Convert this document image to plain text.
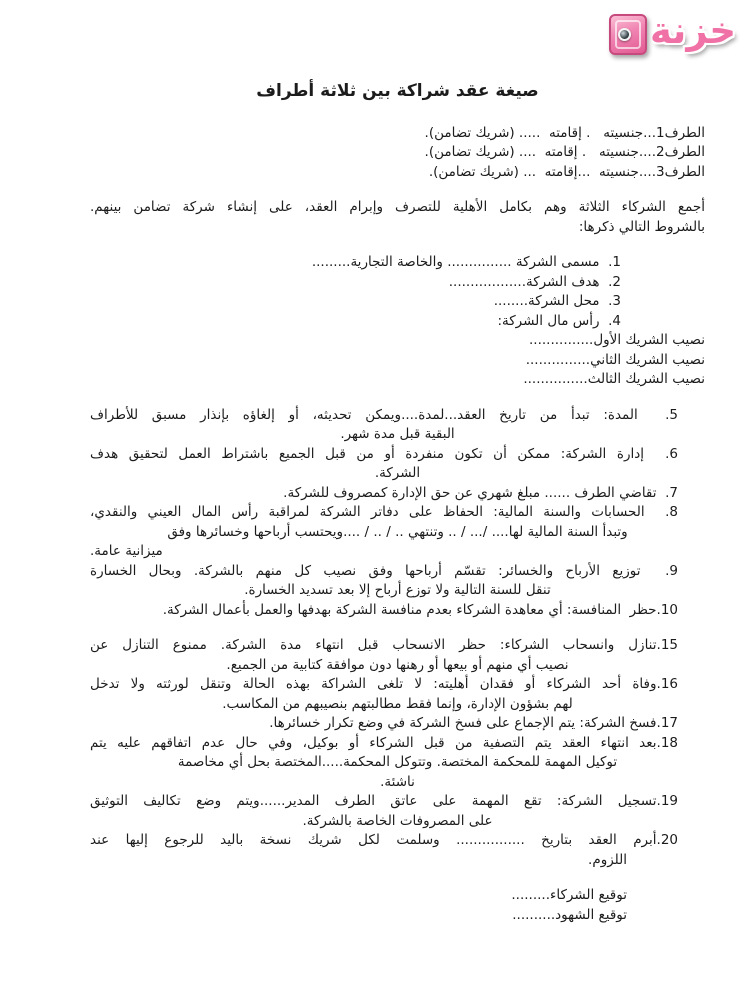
خزنة
صيغة عقد شراكة بين ثلاثة أطراف
الطرف1...جنسيته   . إقامته  ..... (شريك تضامن).
الطرف2....جنسيته   . إقامته  .... (شريك تضامن).
الطرف3....جنسيته  ...إقامته  ... (شريك تضامن).
أجمع الشركاء الثلاثة وهم بكامل الأهلية للتصرف وإبرام العقد، على إنشاء شركة تضامن بينهم.
بالشروط التالي ذكرها:
1.  مسمى الشركة ............... والخاصة التجارية.........
2.  هدف الشركة..................
3.  محل الشركة........
4.  رأس مال الشركة:
نصيب الشريك الأول...............
نصيب الشريك الثاني...............
نصيب الشريك الثالث...............
5.  المدة: تبدأ من تاريخ العقد...لمدة....ويمكن تحديثه، أو إلغاؤه بإنذار مسبق للأطراف
البقية قبل مدة شهر.
6.  إدارة الشركة: ممكن أن تكون منفردة أو من قبل الجميع باشتراط العمل لتحقيق هدف
الشركة.
7.  تقاضي الطرف ...... مبلغ شهري عن حق الإدارة كمصروف للشركة.
8.  الحسابات والسنة المالية: الحفاظ على دفاتر الشركة لمراقبة رأس المال العيني والنقدي،
وتبدأ السنة المالية لها.... /... / .. وتنتهي .. / .. / ....ويحتسب أرباحها وخسائرها وفق
ميزانية عامة.
9.  توزيع الأرباح والخسائر: تقسّم أرباحها وفق نصيب كل منهم بالشركة. وبحال الخسارة
تنقل للسنة التالية ولا توزع أرباح إلا بعد تسديد الخسارة.
10.حظر  المنافسة: أي معاهدة الشركاء بعدم منافسة الشركة بهدفها والعمل بأعمال الشركة.
15.تنازل وانسحاب الشركاء: حظر الانسحاب قبل انتهاء مدة الشركة. ممنوع التنازل عن
نصيب أي منهم أو بيعها أو رهنها دون موافقة كتابية من الجميع.
16.وفاة أحد الشركاء أو فقدان أهليته: لا تلغى الشراكة بهذه الحالة وتنقل لورثته ولا تدخل
لهم بشؤون الإدارة، وإنما فقط مطالبتهم بنصيبهم من المكاسب.
17.فسخ الشركة: يتم الإجماع على فسخ الشركة في وضع تكرار خسائرها.
18.بعد انتهاء العقد يتم التصفية من قبل الشركاء أو بوكيل، وفي حال عدم اتفاقهم عليه يتم
توكيل المهمة للمحكمة المختصة. وتتوكل المحكمة.....المختصة بحل أي مخاصمة
ناشئة.
19.تسجيل الشركة: تقع المهمة على عاتق الطرف المدير......ويتم وضع تكاليف التوثيق
على المصروفات الخاصة بالشركة.
20.أبرم العقد بتاريخ ................ وسلمت لكل شريك نسخة باليد للرجوع إليها عند
اللزوم.
توقيع الشركاء.........
توقيع الشهود..........
